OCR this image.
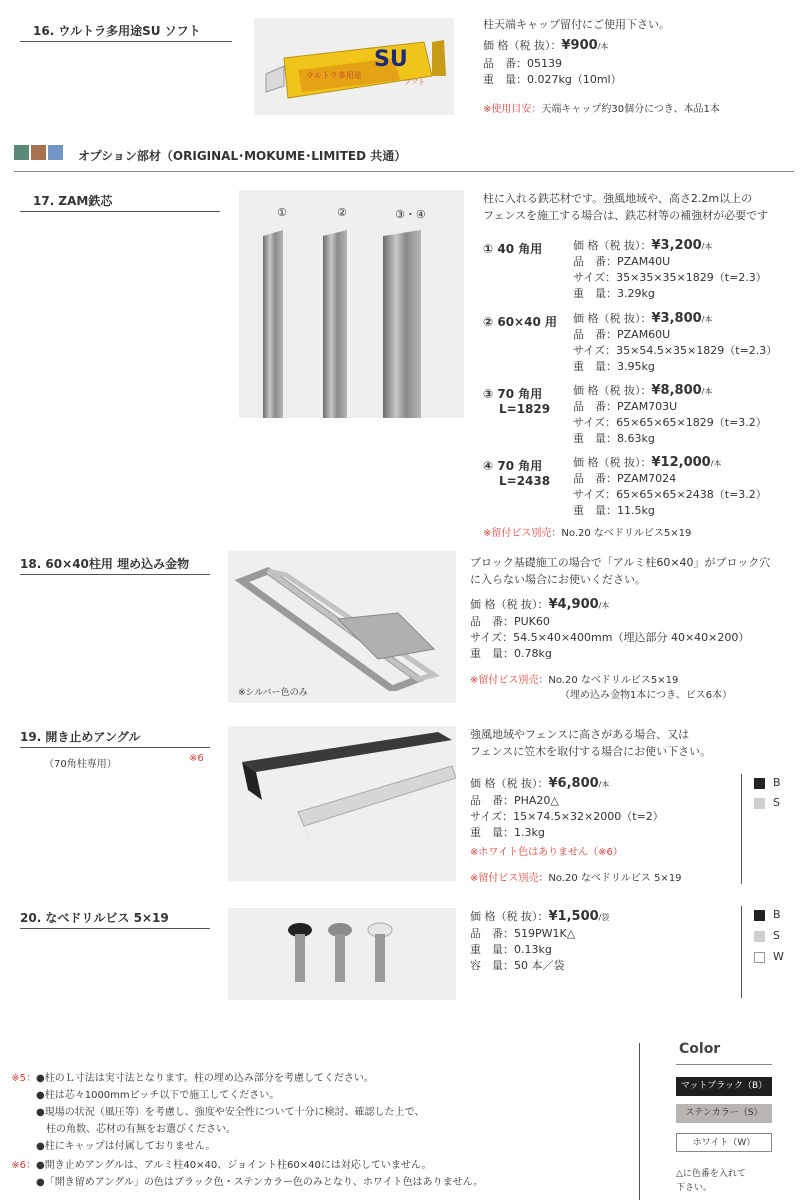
16. ウルトラ多用途SU ソフト
SU
ウルトラ多用途
ソフト
柱天端キャップ留付にご使用下さい。
価 格（税 抜）：¥900/本
品　番：05139
重　量：0.027kg（10ml）
※使用目安：天端キャップ約30個分につき、本品1本
オプション部材（ORIGINAL･MOKUME･LIMITED 共通）
17. ZAM鉄芯
①	②	③・④
柱に入れる鉄芯材です。強風地域や、高さ2.2m以上の
フェンスを施工する場合は、鉄芯材等の補強材が必要です
① 40 角用	価 格（税 抜）：¥3,200/本
品　番：PZAM40U
サイズ：35×35×35×1829（t=2.3）
重　量：3.29kg
② 60×40 用 価 格（税 抜）：¥3,800/本
品　番：PZAM60U
サイズ：35×54.5×35×1829（t=2.3）
重　量：3.95kg
③ 70 角用
L=1829
価 格（税 抜）：¥8,800/本
品　番：PZAM703U
サイズ：65×65×65×1829（t=3.2）
重　量：8.63kg
④ 70 角用
L=2438
価 格（税 抜）：¥12,000/本
品　番：PZAM7024
サイズ：65×65×65×2438（t=3.2）
重　量：11.5kg
※留付ビス別売：No.20 なべドリルビス5×19
18. 60×40柱用 埋め込み金物
※シルバー色のみ
ブロック基礎施工の場合で「アルミ柱60×40」がブロック穴
に入らない場合にお使いください。
価 格（税 抜）：¥4,900/本
品　番：PUK60
サイズ：54.5×40×400mm（埋込部分 40×40×200）
重　量：0.78kg
※留付ビス別売：No.20 なべドリルビス5×19
（埋め込み金物1本につき、ビス6本）
19. 開き止めアングル
（70角柱専用）
※6
強風地域やフェンスに高さがある場合、又は
フェンスに笠木を取付する場合にお使い下さい。
価 格（税 抜）：¥6,800/本
品　番：PHA20△
サイズ：15×74.5×32×2000（t=2）
重　量：1.3kg
※ホワイト色はありません（※6）
※留付ビス別売：No.20 なべドリルビス 5×19
B
S
20. なべドリルビス 5×19	価 格（税 抜）：¥1,500/袋
品　番：519PW1K△
重　量：0.13kg
容　量：50 本／袋
B
S
W
※5：●柱のＬ寸法は実寸法となります。柱の埋め込み部分を考慮してください。
●柱は芯々1000mmピッチ以下で施工してください。
●現場の状況（風圧等）を考慮し、強度や安全性について十分に検討、確認した上で、
　柱の角数、芯材の有無をお選びください。
●柱にキャップは付属しておりません。
※6：●開き止めアングルは、アルミ柱40×40、ジョイント柱60×40には対応していません。
●「開き留めアングル」の色はブラック色・ステンカラー色のみとなり、ホワイト色はありません。
Color
マットブラック（B）
ステンカラー（S）
ホワイト（W）
△に色番を入れて
下さい。
